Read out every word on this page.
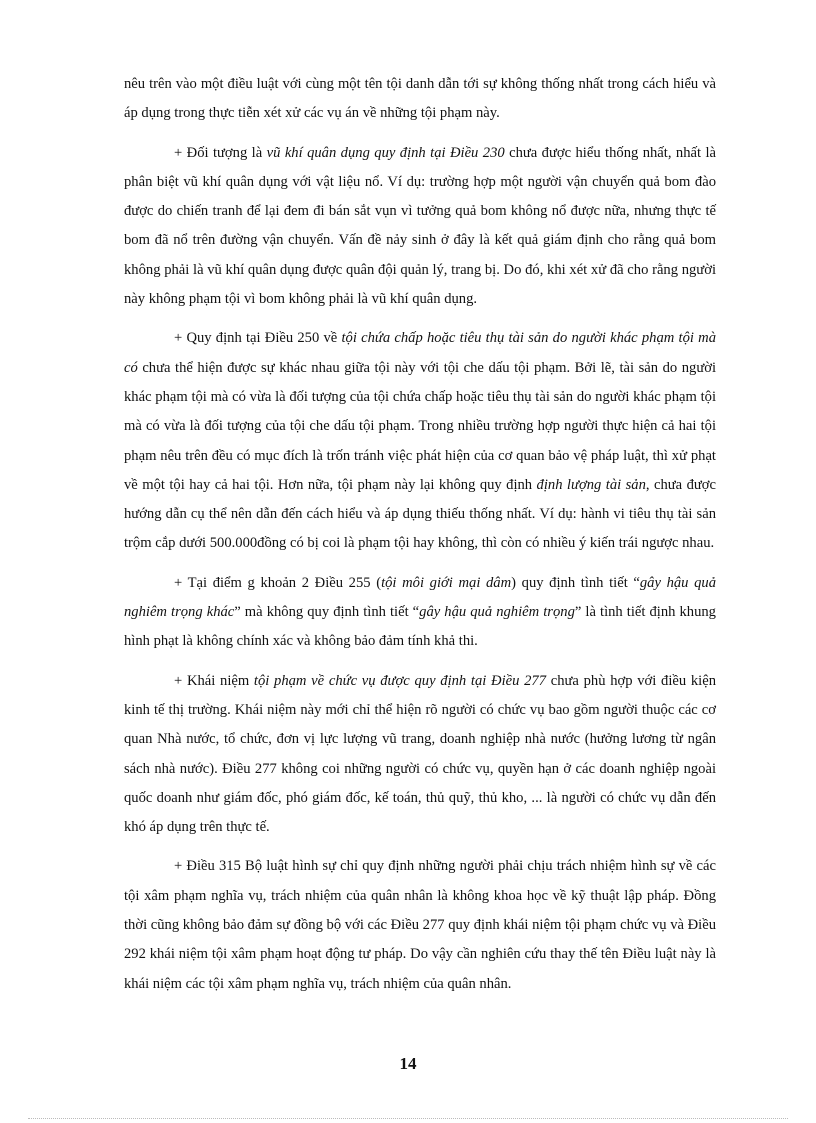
nêu trên vào một điều luật với cùng một tên tội danh dẫn tới sự không thống nhất trong cách hiểu và áp dụng trong thực tiễn xét xử các vụ án về những tội phạm này.

+ Đối tượng là vũ khí quân dụng quy định tại Điều 230 chưa được hiểu thống nhất, nhất là phân biệt vũ khí quân dụng với vật liệu nổ. Ví dụ: trường hợp một người vận chuyển quả bom đào được do chiến tranh để lại đem đi bán sắt vụn vì tưởng quả bom không nổ được nữa, nhưng thực tế bom đã nổ trên đường vận chuyển. Vấn đề nảy sinh ở đây là kết quả giám định cho rằng quả bom không phải là vũ khí quân dụng được quân đội quản lý, trang bị. Do đó, khi xét xử đã cho rằng người này không phạm tội vì bom không phải là vũ khí quân dụng.

+ Quy định tại Điều 250 về tội chứa chấp hoặc tiêu thụ tài sản do người khác phạm tội mà có chưa thể hiện được sự khác nhau giữa tội này với tội che dấu tội phạm. Bởi lẽ, tài sản do người khác phạm tội mà có vừa là đối tượng của tội chứa chấp hoặc tiêu thụ tài sản do người khác phạm tội mà có vừa là đối tượng của tội che dấu tội phạm. Trong nhiều trường hợp người thực hiện cả hai tội phạm nêu trên đều có mục đích là trốn tránh việc phát hiện của cơ quan bảo vệ pháp luật, thì xử phạt về một tội hay cả hai tội. Hơn nữa, tội phạm này lại không quy định định lượng tài sản, chưa được hướng dẫn cụ thể nên dẫn đến cách hiểu và áp dụng thiếu thống nhất. Ví dụ: hành vi tiêu thụ tài sản trộm cắp dưới 500.000đồng có bị coi là phạm tội hay không, thì còn có nhiều ý kiến trái ngược nhau.

+ Tại điểm g khoản 2 Điều 255 (tội môi giới mại dâm) quy định tình tiết “gây hậu quả nghiêm trọng khác” mà không quy định tình tiết “gây hậu quả nghiêm trọng” là tình tiết định khung hình phạt là không chính xác và không bảo đảm tính khả thi.

+ Khái niệm tội phạm về chức vụ được quy định tại Điều 277 chưa phù hợp với điều kiện kinh tế thị trường. Khái niệm này mới chỉ thể hiện rõ người có chức vụ bao gồm người thuộc các cơ quan Nhà nước, tổ chức, đơn vị lực lượng vũ trang, doanh nghiệp nhà nước (hưởng lương từ ngân sách nhà nước). Điều 277 không coi những người có chức vụ, quyền hạn ở các doanh nghiệp ngoài quốc doanh như giám đốc, phó giám đốc, kế toán, thủ quỹ, thủ kho, ... là người có chức vụ dẫn đến khó áp dụng trên thực tế.

+ Điều 315 Bộ luật hình sự chỉ quy định những người phải chịu trách nhiệm hình sự về các tội xâm phạm nghĩa vụ, trách nhiệm của quân nhân là không khoa học về kỹ thuật lập pháp. Đồng thời cũng không bảo đảm sự đồng bộ với các Điều 277 quy định khái niệm tội phạm chức vụ và Điều 292 khái niệm tội xâm phạm hoạt động tư pháp. Do vậy cần nghiên cứu thay thế tên Điều luật này là khái niệm các tội xâm phạm nghĩa vụ, trách nhiệm của quân nhân.

14
